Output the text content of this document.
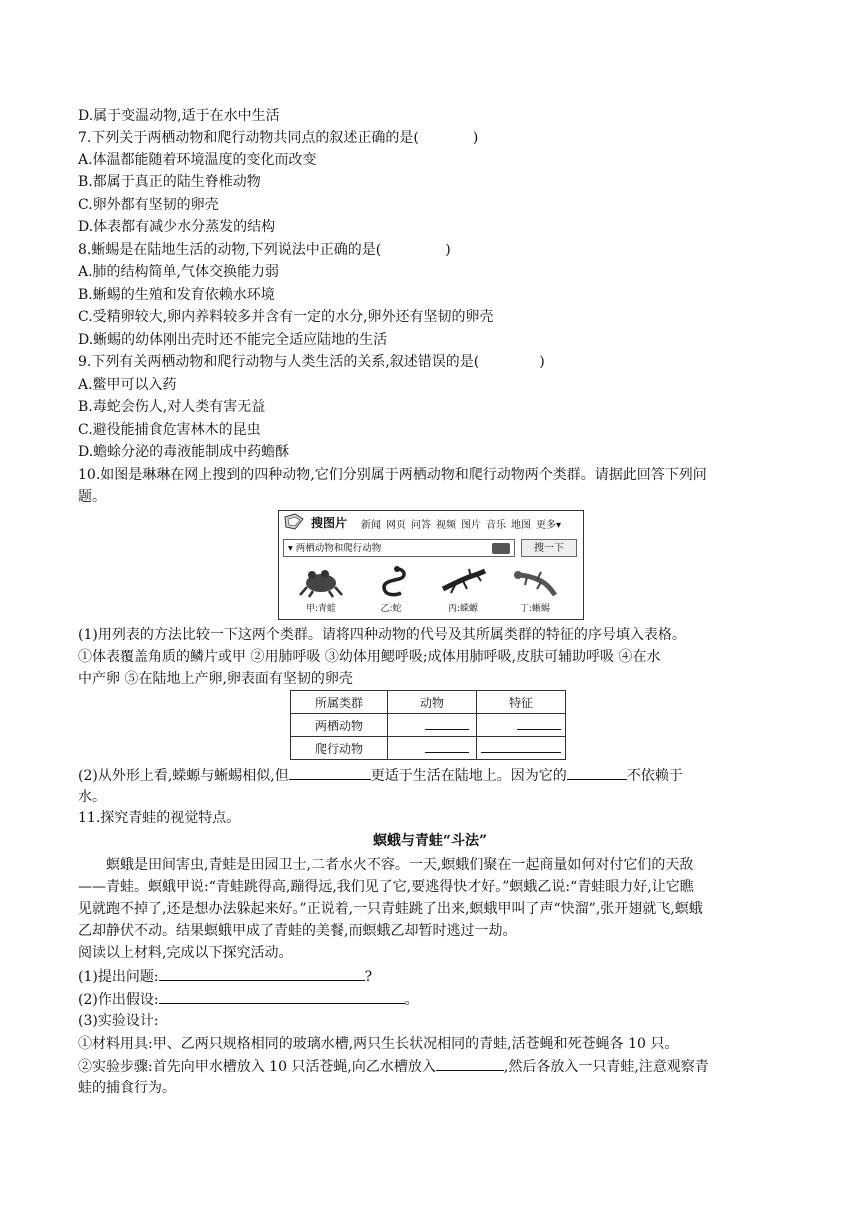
D.属于变温动物,适于在水中生活
7.下列关于两栖动物和爬行动物共同点的叙述正确的是(	)
A.体温都能随着环境温度的变化而改变
B.都属于真正的陆生脊椎动物
C.卵外都有坚韧的卵壳
D.体表都有减少水分蒸发的结构
8.蜥蜴是在陆地生活的动物,下列说法中正确的是(	)
A.肺的结构简单,气体交换能力弱
B.蜥蜴的生殖和发育依赖水环境
C.受精卵较大,卵内养料较多并含有一定的水分,卵外还有坚韧的卵壳
D.蜥蜴的幼体刚出壳时还不能完全适应陆地的生活
9.下列有关两栖动物和爬行动物与人类生活的关系,叙述错误的是(	)
A.鳖甲可以入药
B.毒蛇会伤人,对人类有害无益
C.避役能捕食危害林木的昆虫
D.蟾蜍分泌的毒液能制成中药蟾酥
10.如图是琳琳在网上搜到的四种动物,它们分别属于两栖动物和爬行动物两个类群。请据此回答下列问
题。
搜图片 新闻 网页 问答 视频 图片 音乐 地图 更多▾
▾ 两栖动物和爬行动物	搜一下
甲:青蛙	乙:蛇	丙:蝾螈	丁:蜥蜴
(1)用列表的方法比较一下这两个类群。请将四种动物的代号及其所属类群的特征的序号填入表格。
①体表覆盖角质的鳞片或甲 ②用肺呼吸 ③幼体用鳃呼吸;成体用肺呼吸,皮肤可辅助呼吸 ④在水
中产卵 ⑤在陆地上产卵,卵表面有坚韧的卵壳
所属类群	动物	特征
两栖动物		
爬行动物		
(2)从外形上看,蝾螈与蜥蜴相似,但	更适于生活在陆地上。因为它的	不依赖于
水。
11.探究青蛙的视觉特点。
螟蛾与青蛙“斗法”
螟蛾是田间害虫,青蛙是田园卫士,二者水火不容。一天,螟蛾们聚在一起商量如何对付它们的天敌
——青蛙。螟蛾甲说:“青蛙跳得高,蹦得远,我们见了它,要逃得快才好。”螟蛾乙说:“青蛙眼力好,让它瞧
见就跑不掉了,还是想办法躲起来好。”正说着,一只青蛙跳了出来,螟蛾甲叫了声“快溜”,张开翅就飞,螟蛾
乙却静伏不动。结果螟蛾甲成了青蛙的美餐,而螟蛾乙却暂时逃过一劫。
阅读以上材料,完成以下探究活动。
(1)提出问题:	?
(2)作出假设:	。
(3)实验设计:
①材料用具:甲、乙两只规格相同的玻璃水槽,两只生长状况相同的青蛙,活苍蝇和死苍蝇各 10 只。
②实验步骤:首先向甲水槽放入 10 只活苍蝇,向乙水槽放入	,然后各放入一只青蛙,注意观察青
蛙的捕食行为。
